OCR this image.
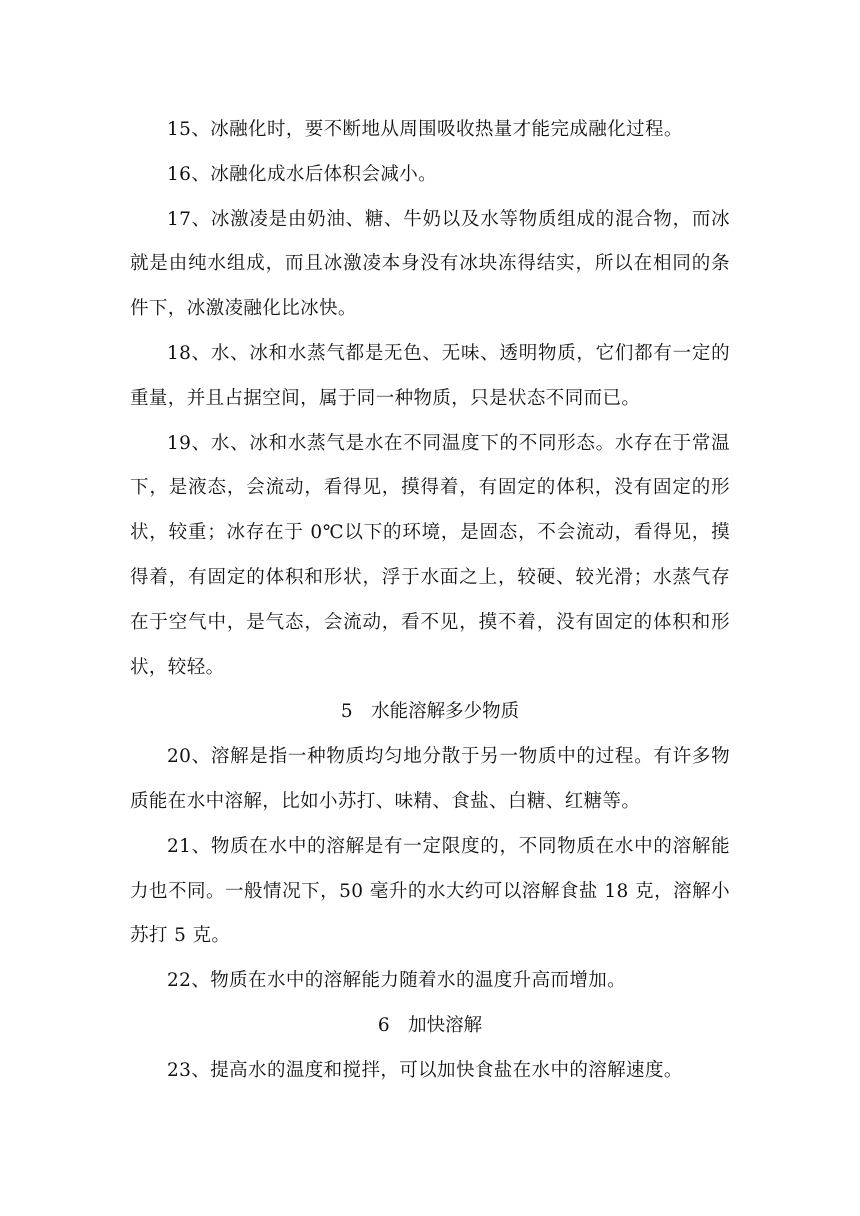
15、冰融化时，要不断地从周围吸收热量才能完成融化过程。

16、冰融化成水后体积会减小。

17、冰激凌是由奶油、糖、牛奶以及水等物质组成的混合物，而冰就是由纯水组成，而且冰激凌本身没有冰块冻得结实，所以在相同的条件下，冰激凌融化比冰快。

18、水、冰和水蒸气都是无色、无味、透明物质，它们都有一定的重量，并且占据空间，属于同一种物质，只是状态不同而已。

19、水、冰和水蒸气是水在不同温度下的不同形态。水存在于常温下，是液态，会流动，看得见，摸得着，有固定的体积，没有固定的形状，较重；冰存在于 0℃以下的环境，是固态，不会流动，看得见，摸得着，有固定的体积和形状，浮于水面之上，较硬、较光滑；水蒸气存在于空气中，是气态，会流动，看不见，摸不着，没有固定的体积和形状，较轻。

5　水能溶解多少物质

20、溶解是指一种物质均匀地分散于另一物质中的过程。有许多物质能在水中溶解，比如小苏打、味精、食盐、白糖、红糖等。

21、物质在水中的溶解是有一定限度的，不同物质在水中的溶解能力也不同。一般情况下，50 毫升的水大约可以溶解食盐 18 克，溶解小苏打 5 克。

22、物质在水中的溶解能力随着水的温度升高而增加。

6　加快溶解

23、提高水的温度和搅拌，可以加快食盐在水中的溶解速度。
